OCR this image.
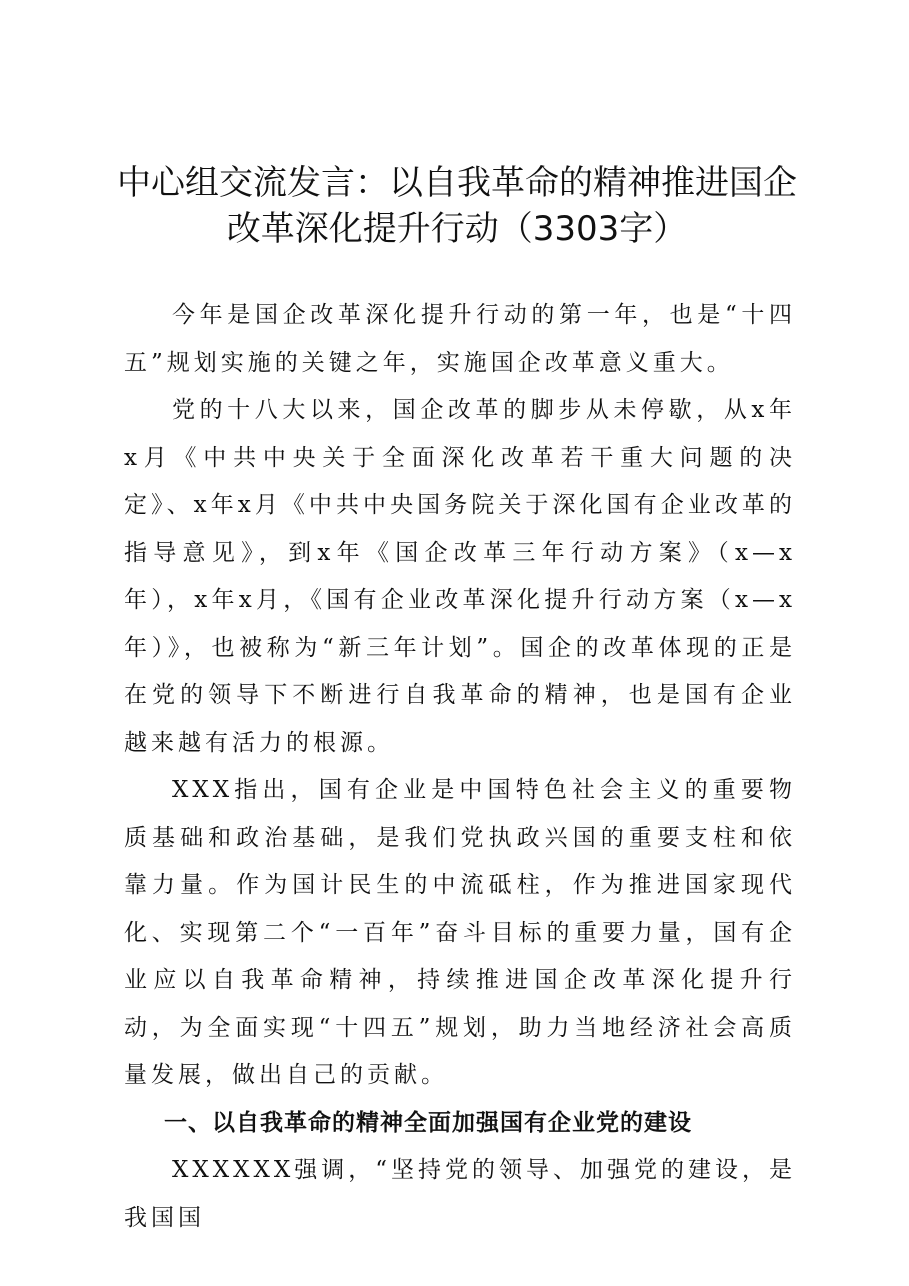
中心组交流发言：以自我革命的精神推进国企改革深化提升行动（3303字）

今年是国企改革深化提升行动的第一年，也是“十四五”规划实施的关键之年，实施国企改革意义重大。

党的十八大以来，国企改革的脚步从未停歇，从x年x月《中共中央关于全面深化改革若干重大问题的决定》、x年x月《中共中央国务院关于深化国有企业改革的指导意见》，到x年《国企改革三年行动方案》（x—x年），x年x月，《国有企业改革深化提升行动方案（x—x年）》，也被称为“新三年计划”。国企的改革体现的正是在党的领导下不断进行自我革命的精神，也是国有企业越来越有活力的根源。

XXX指出，国有企业是中国特色社会主义的重要物质基础和政治基础，是我们党执政兴国的重要支柱和依靠力量。作为国计民生的中流砥柱，作为推进国家现代化、实现第二个“一百年”奋斗目标的重要力量，国有企业应以自我革命精神，持续推进国企改革深化提升行动，为全面实现“十四五”规划，助力当地经济社会高质量发展，做出自己的贡献。

一、以自我革命的精神全面加强国有企业党的建设

XXXXXX强调，“坚持党的领导、加强党的建设，是我国国
